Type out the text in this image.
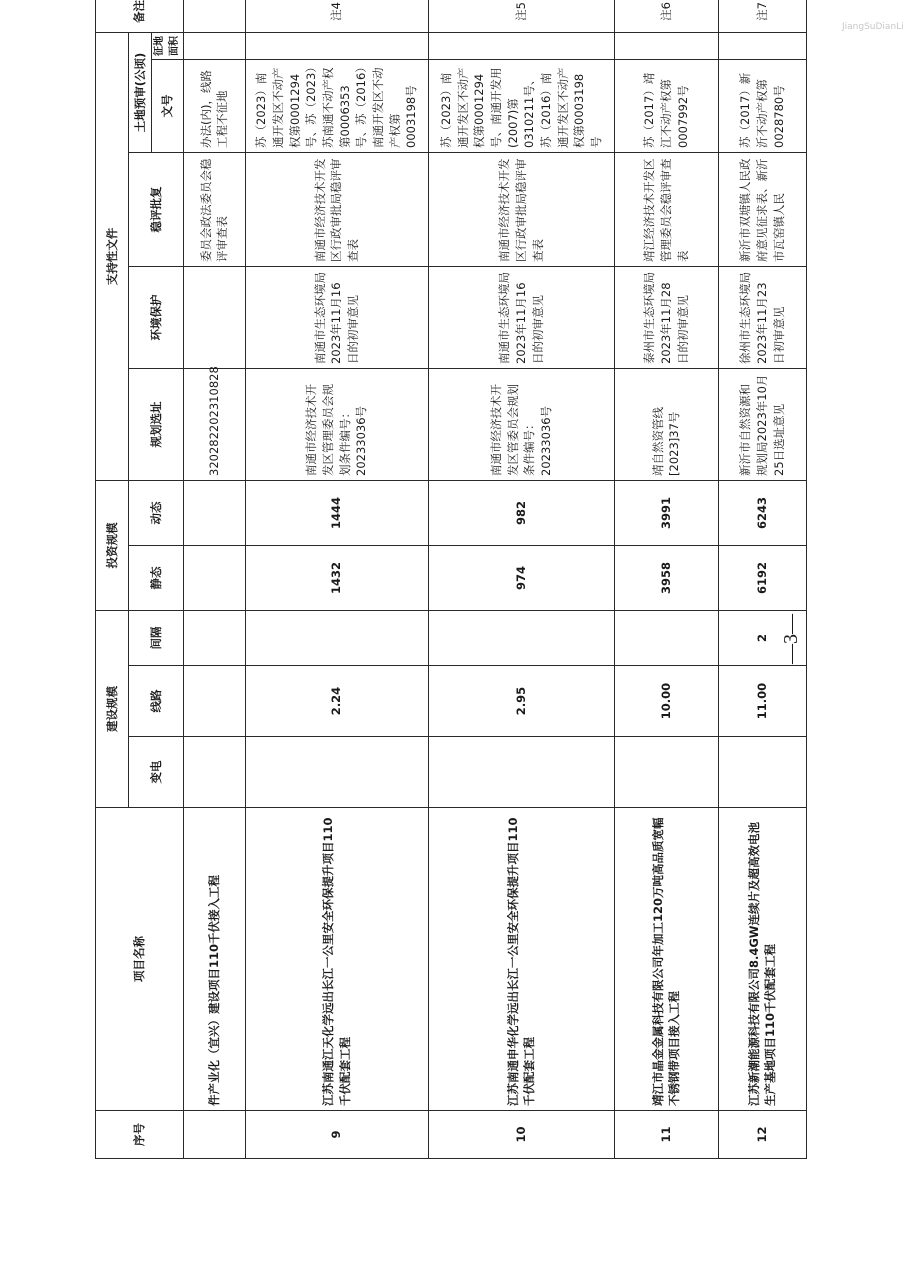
序号	项目名称	建设规模			投资规模		支持性文件					备注
		变电	线路	间隔	静态	动态	规划选址	环境保护	稳评批复	土地预审(公顷)		
										文号	征地面积	
	件产业化（宜兴）建设项目110千伏接入工程						320282202310828		委员会政法委员会稳评审查表	办法(内)，线路工程不征地		
9	江苏南通江天化学远出长江一公里安全环保提升项目110千伏配套工程		2.24		1432	1444	南通市经济技术开发区管理委员会规划条件编号：20233036号	南通市生态环境局2023年11月16日的初审意见	南通市经济技术开发区行政审批局稳评审查表	苏（2023）南通开发区不动产权第0001294号、苏（2023）苏南通不动产权第0006353号、苏（2016）南通开发区不动产权第0003198号		注4
10	江苏南通申华化学远出长江一公里安全环保提升项目110千伏配套工程		2.95		974	982	南通市经济技术开发区管委员会规划条件编号：20233036号	南通市生态环境局2023年11月16日的初审意见	南通市经济技术开发区行政审批局稳评审查表	苏（2023）南通开发区不动产权第0001294号、南通开发用(2007)第0310211号、苏（2016）南通开发区不动产权第0003198号		注5
11	靖江市晶金金属科技有限公司年加工120万吨高品质宽幅不锈钢带项目接入工程		10.00		3958	3991	靖自然资管线[2023]37号	泰州市生态环境局2023年11月28日的初审意见	靖江经济技术开发区管理委员会稳评审查表	苏（2017）靖江不动产权第0007992号		注6
12	江苏新潮能源科技有限公司8.4GW连续片及超高效电池生产基地项目110千伏配套工程		11.00	2	6192	6243	新沂市自然资源和规划局2023年10月25日选址意见	徐州市生态环境局2023年11月23日初审意见	新沂市双塘镇人民政府意见征求表、新沂市瓦窑镇人民	苏（2017）新沂不动产权第0028780号		注7
—3—
JiangSuDianLi
